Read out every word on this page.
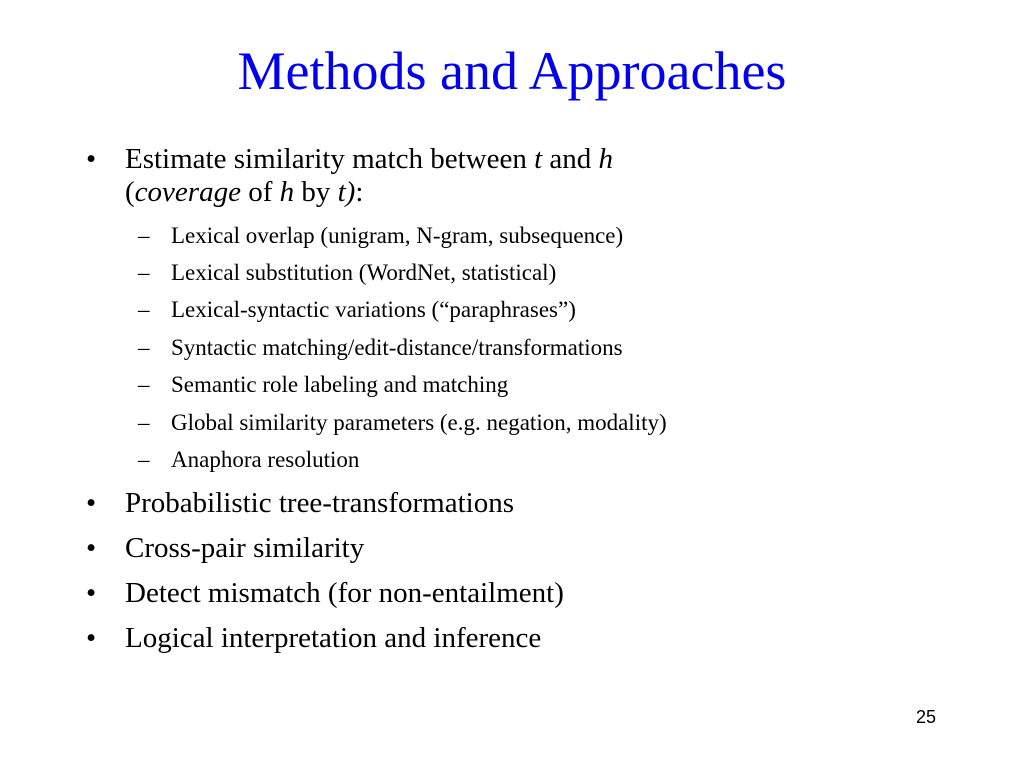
Methods and Approaches
• Estimate similarity match between t and h
(coverage of h by t):
– Lexical overlap (unigram, N-gram, subsequence)
– Lexical substitution (WordNet, statistical)
– Lexical-syntactic variations (“paraphrases”)
– Syntactic matching/edit-distance/transformations
– Semantic role labeling and matching
– Global similarity parameters (e.g. negation, modality)
– Anaphora resolution
• Probabilistic tree-transformations
• Cross-pair similarity
• Detect mismatch (for non-entailment)
• Logical interpretation and inference
25
